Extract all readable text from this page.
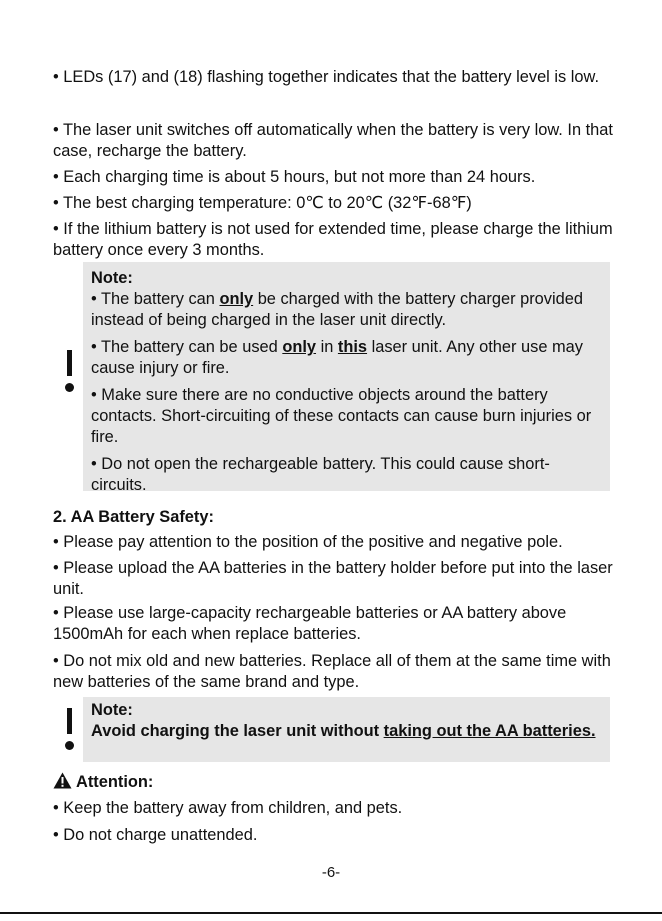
• LEDs (17) and (18) flashing together indicates that the battery level is low.

• The laser unit switches off automatically when the battery is very low. In that case, recharge the battery.

• Each charging time is about 5 hours, but not more than 24 hours.

• The best charging temperature: 0℃ to 20℃ (32℉-68℉)

• If the lithium battery is not used for extended time, please charge the lithium battery once every 3 months.

Note:

• The battery can only be charged with the battery charger provided instead of being charged in the laser unit directly.

• The battery can be used only in this laser unit. Any other use may cause injury or fire.

• Make sure there are no conductive objects around the battery contacts. Short-circuiting of these contacts can cause burn injuries or fire.

• Do not open the rechargeable battery. This could cause short-circuits.

2. AA Battery Safety:

• Please pay attention to the position of the positive and negative pole.

• Please upload the AA batteries in the battery holder before put into the laser unit.

• Please use large-capacity rechargeable batteries or AA battery above 1500mAh for each when replace batteries.

• Do not mix old and new batteries. Replace all of them at the same time with new batteries of the same brand and type.

Note:

Avoid charging the laser unit without taking out the AA batteries.

Attention:

• Keep the battery away from children, and pets.

• Do not charge unattended.

-6-
